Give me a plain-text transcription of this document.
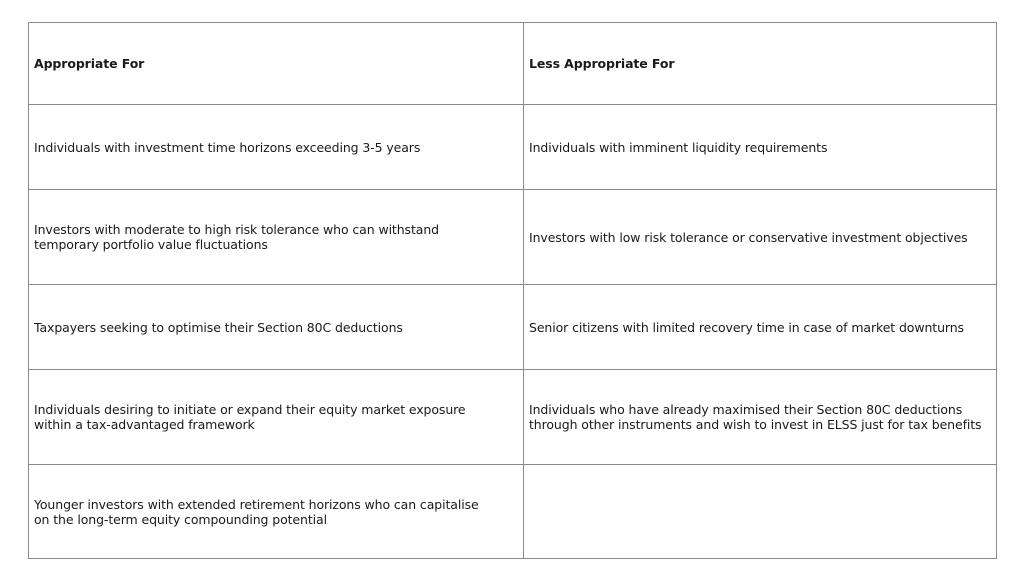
Appropriate For	Less Appropriate For

Individuals with investment time horizons exceeding 3-5 years	Individuals with imminent liquidity requirements

Investors with moderate to high risk tolerance who can withstand temporary portfolio value fluctuations	Investors with low risk tolerance or conservative investment objectives

Taxpayers seeking to optimise their Section 80C deductions	Senior citizens with limited recovery time in case of market downturns

Individuals desiring to initiate or expand their equity market exposure within a tax-advantaged framework	Individuals who have already maximised their Section 80C deductions through other instruments and wish to invest in ELSS just for tax benefits

Younger investors with extended retirement horizons who can capitalise on the long-term equity compounding potential	
